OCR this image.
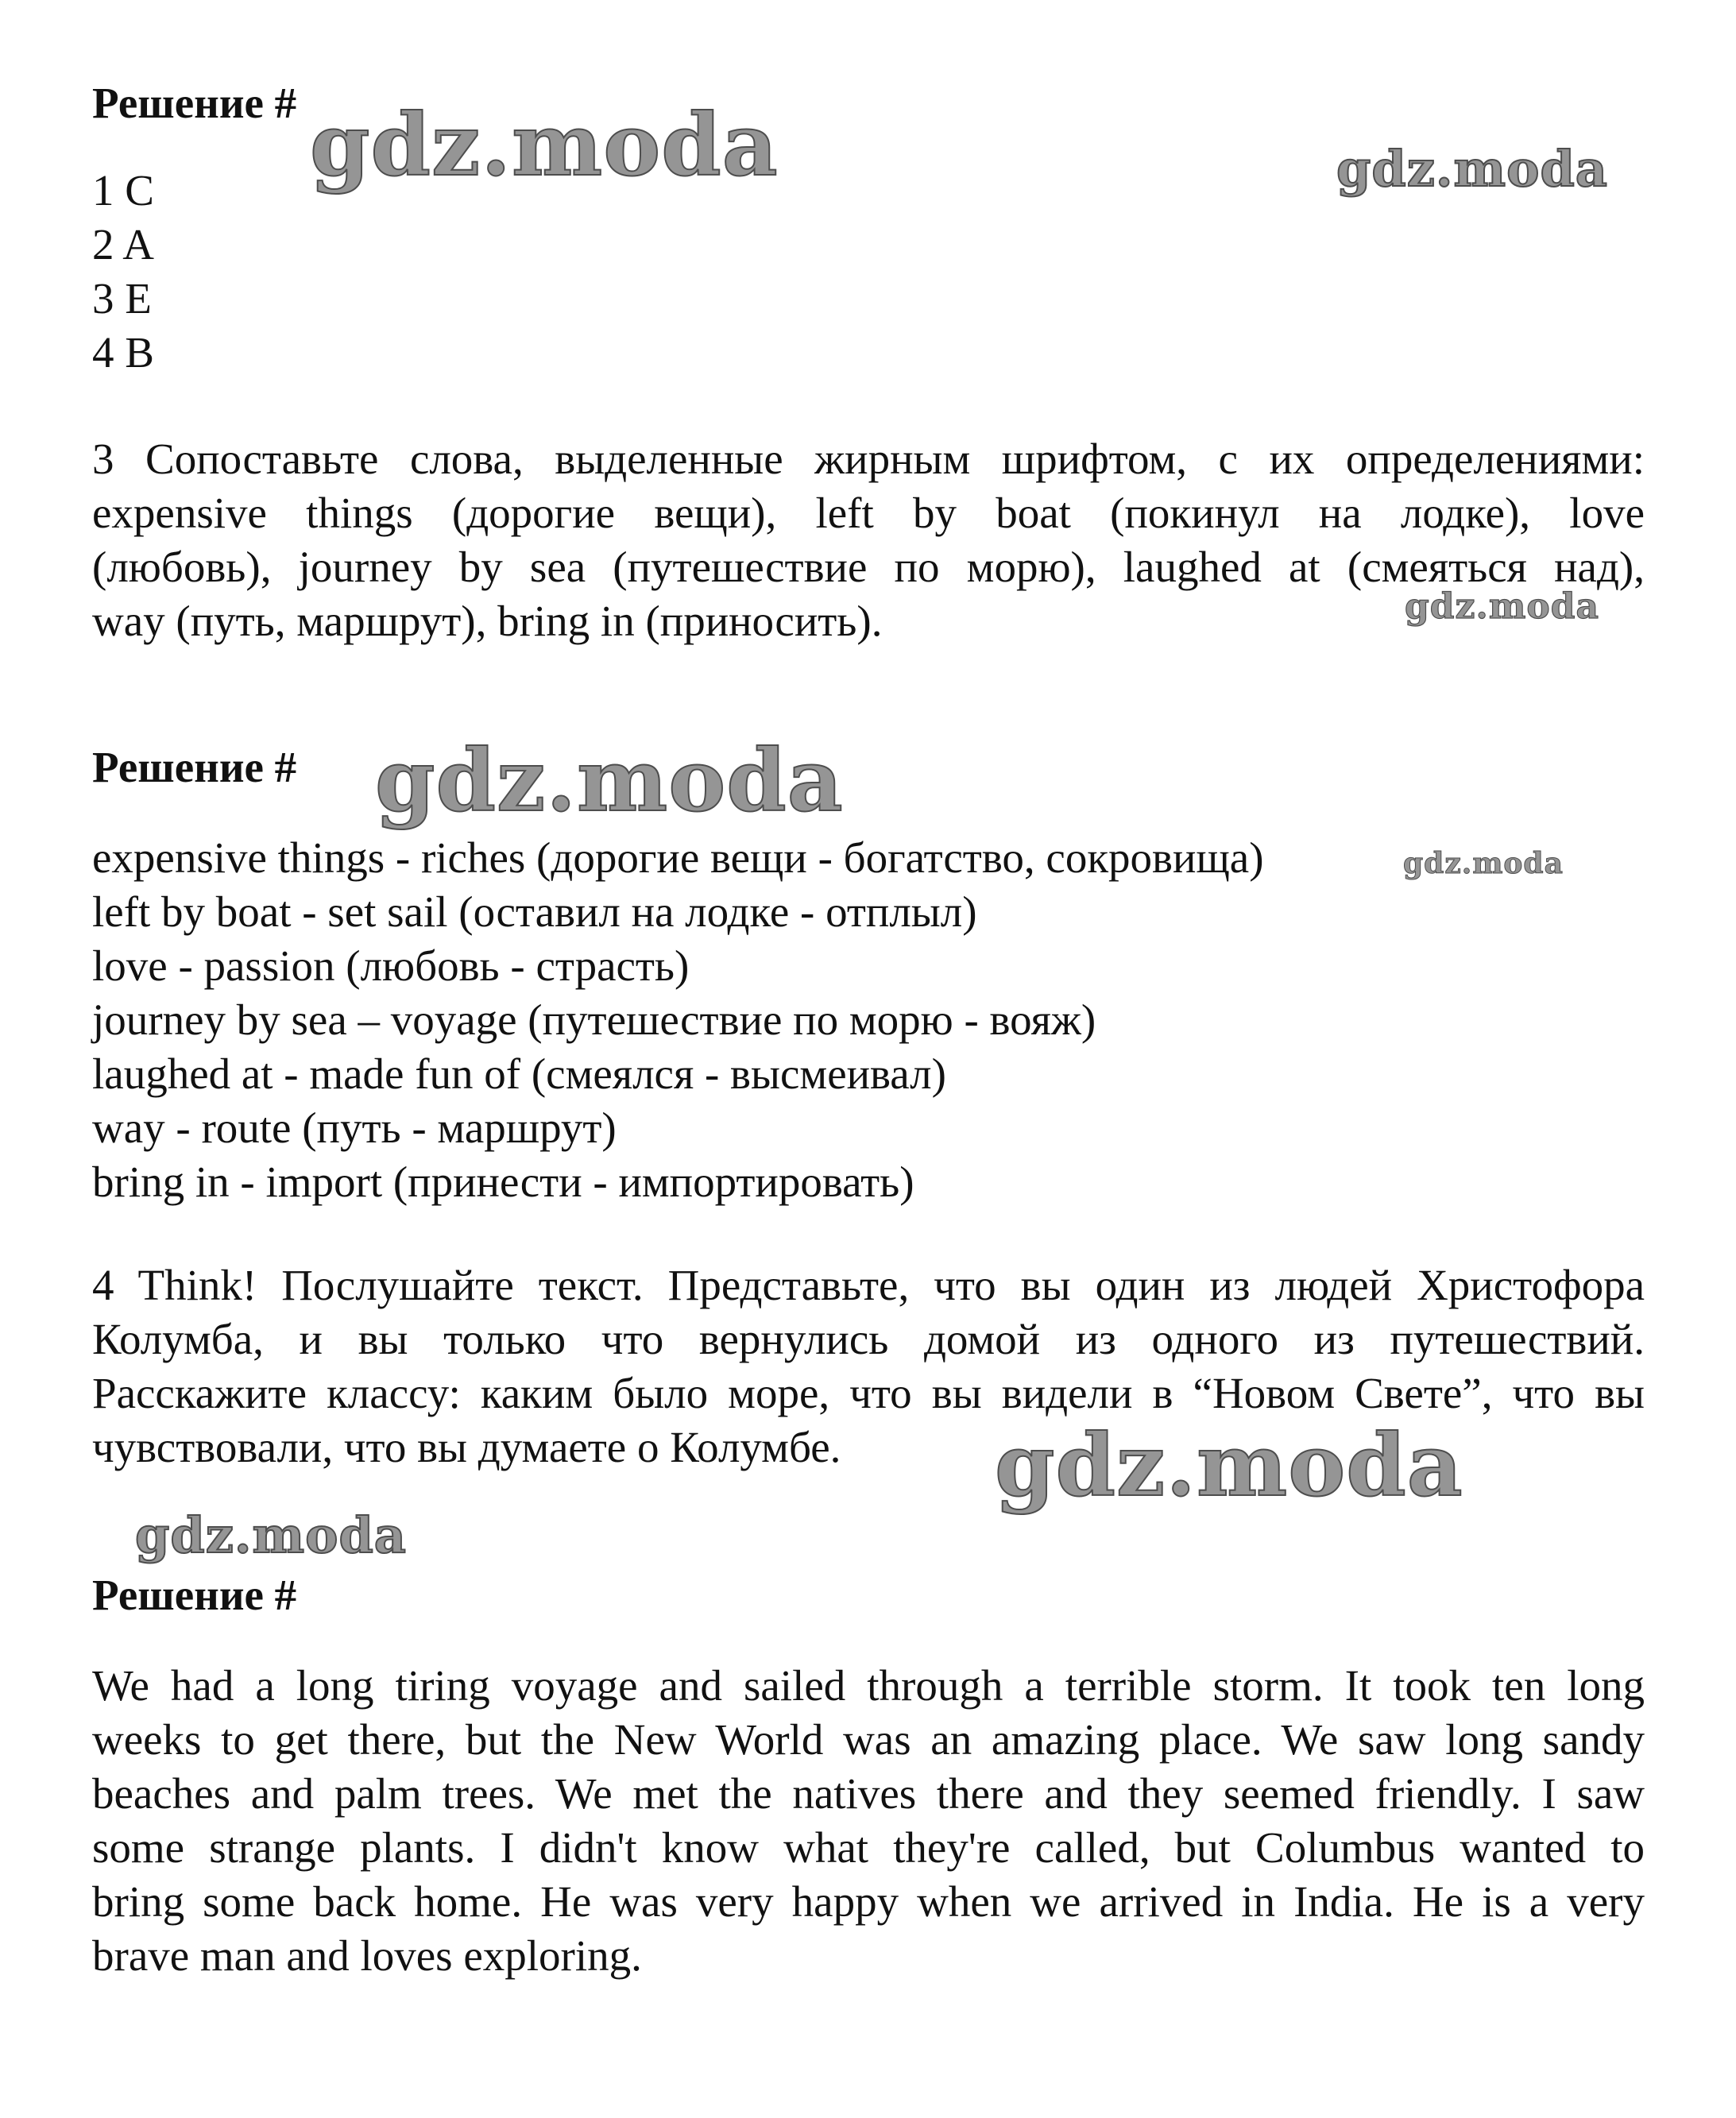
Решение #
1 C
2 A
3 E
4 B
3 Сопоставьте слова, выделенные жирным шрифтом, с их определениями:
expensive things (дорогие вещи), left by boat (покинул на лодке), love
(любовь), journey by sea (путешествие по морю), laughed at (смеяться над),
way (путь, маршрут), bring in (приносить).
Решение #
expensive things - riches (дорогие вещи - богатство, сокровища)
left by boat - set sail (оставил на лодке - отплыл)
love - passion (любовь - страсть)
journey by sea – voyage (путешествие по морю - вояж)
laughed at - made fun of (смеялся - высмеивал)
way - route (путь - маршрут)
bring in - import (принести - импортировать)
4 Think! Послушайте текст. Представьте, что вы один из людей Христофора
Колумба, и вы только что вернулись домой из одного из путешествий.
Расскажите классу: каким было море, что вы видели в “Новом Свете”, что вы
чувствовали, что вы думаете о Колумбе.
Решение #
We had a long tiring voyage and sailed through a terrible storm. It took ten long
weeks to get there, but the New World was an amazing place. We saw long sandy
beaches and palm trees. We met the natives there and they seemed friendly. I saw
some strange plants. I didn't know what they're called, but Columbus wanted to
bring some back home. He was very happy when we arrived in India. He is a very
brave man and loves exploring.
gdz.moda	gdz.moda
gdz.moda
gdz.moda
gdz.moda
gdz.moda
gdz.moda
